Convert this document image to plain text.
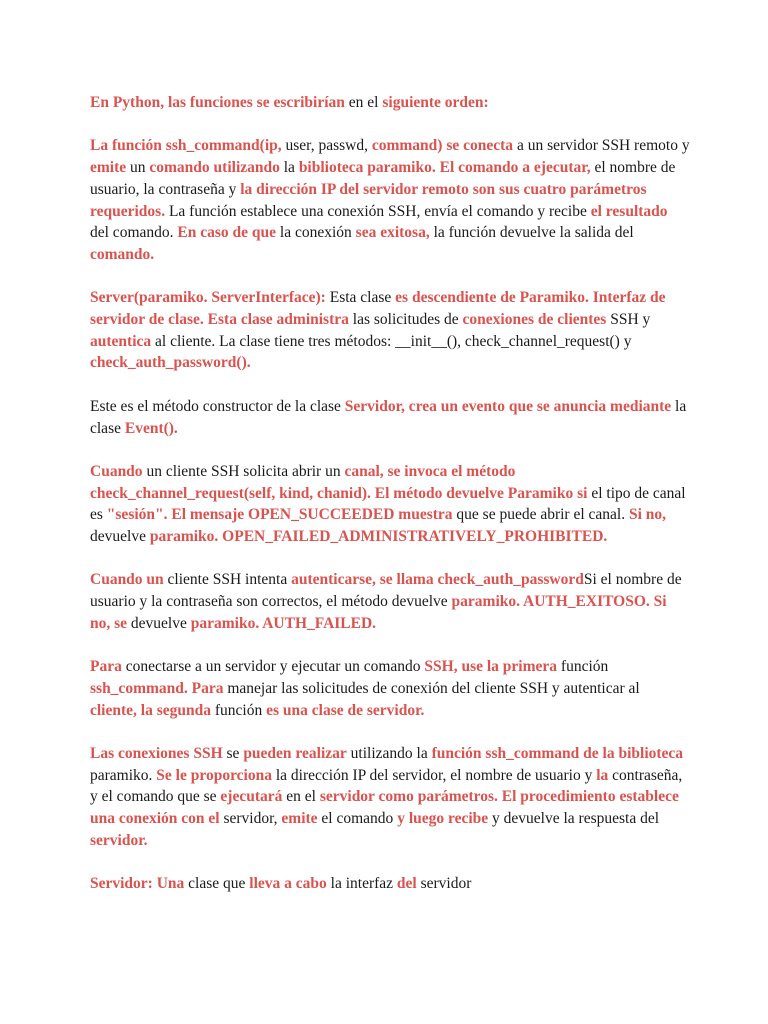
En Python, las funciones se escribirían en el siguiente orden:

La función ssh_command(ip, user, passwd, command) se conecta a un servidor SSH remoto y emite un comando utilizando la biblioteca paramiko. El comando a ejecutar, el nombre de usuario, la contraseña y la dirección IP del servidor remoto son sus cuatro parámetros requeridos. La función establece una conexión SSH, envía el comando y recibe el resultado del comando. En caso de que la conexión sea exitosa, la función devuelve la salida del comando.

Server(paramiko. ServerInterface): Esta clase es descendiente de Paramiko. Interfaz de servidor de clase. Esta clase administra las solicitudes de conexiones de clientes SSH y autentica al cliente. La clase tiene tres métodos: __init__(), check_channel_request() y check_auth_password().

Este es el método constructor de la clase Servidor, crea un evento que se anuncia mediante la clase Event().

Cuando un cliente SSH solicita abrir un canal, se invoca el método check_channel_request(self, kind, chanid). El método devuelve Paramiko si el tipo de canal es "sesión". El mensaje OPEN_SUCCEEDED muestra que se puede abrir el canal. Si no, devuelve paramiko. OPEN_FAILED_ADMINISTRATIVELY_PROHIBITED.

Cuando un cliente SSH intenta autenticarse, se llama check_auth_passwordSi el nombre de usuario y la contraseña son correctos, el método devuelve paramiko. AUTH_EXITOSO. Si no, se devuelve paramiko. AUTH_FAILED.

Para conectarse a un servidor y ejecutar un comando SSH, use la primera función ssh_command. Para manejar las solicitudes de conexión del cliente SSH y autenticar al cliente, la segunda función es una clase de servidor.

Las conexiones SSH se pueden realizar utilizando la función ssh_command de la biblioteca paramiko. Se le proporciona la dirección IP del servidor, el nombre de usuario y la contraseña, y el comando que se ejecutará en el servidor como parámetros. El procedimiento establece una conexión con el servidor, emite el comando y luego recibe y devuelve la respuesta del servidor.

Servidor: Una clase que lleva a cabo la interfaz del servidor
